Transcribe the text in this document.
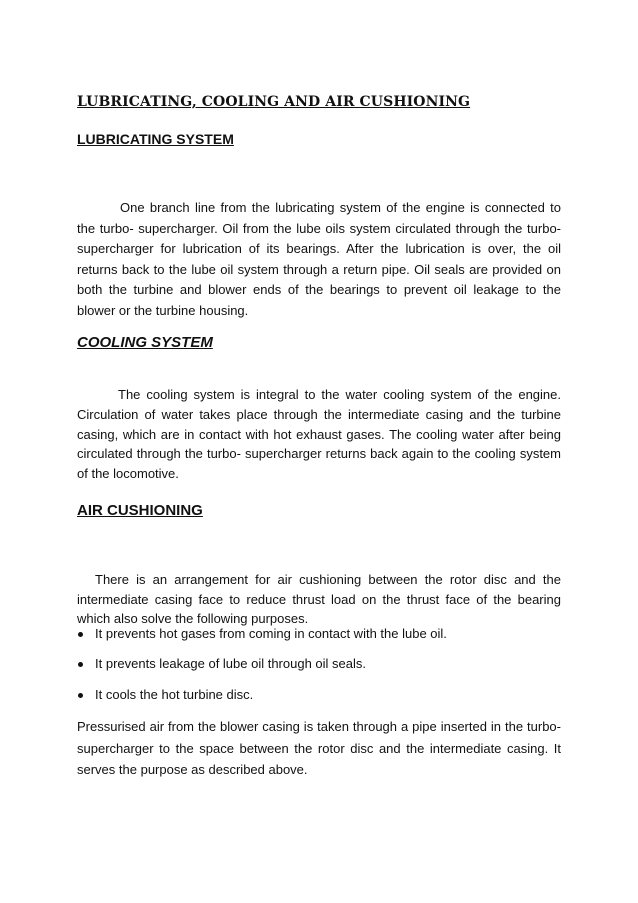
LUBRICATING, COOLING AND AIR CUSHIONING
LUBRICATING SYSTEM

One branch line from the lubricating system of the engine is connected to the turbo- supercharger. Oil from the lube oils system circulated through the turbo- supercharger for lubrication of its bearings. After the lubrication is over, the oil returns back to the lube oil system through a return pipe. Oil seals are provided on both the turbine and blower ends of the bearings to prevent oil leakage to the blower or the turbine housing.

COOLING SYSTEM

The cooling system is integral to the water cooling system of the engine. Circulation of water takes place through the intermediate casing and the turbine casing, which are in contact with hot exhaust gases. The cooling water after being circulated through the turbo- supercharger returns back again to the cooling system of the locomotive.

AIR CUSHIONING

There is an arrangement for air cushioning between the rotor disc and the intermediate casing face to reduce thrust load on the thrust face of the bearing which also solve the following purposes.

It prevents hot gases from coming in contact with the lube oil.
It prevents leakage of lube oil through oil seals.
It cools the hot turbine disc.

Pressurised air from the blower casing is taken through a pipe inserted in the turbo- supercharger to the space between the rotor disc and the intermediate casing. It serves the purpose as described above.
